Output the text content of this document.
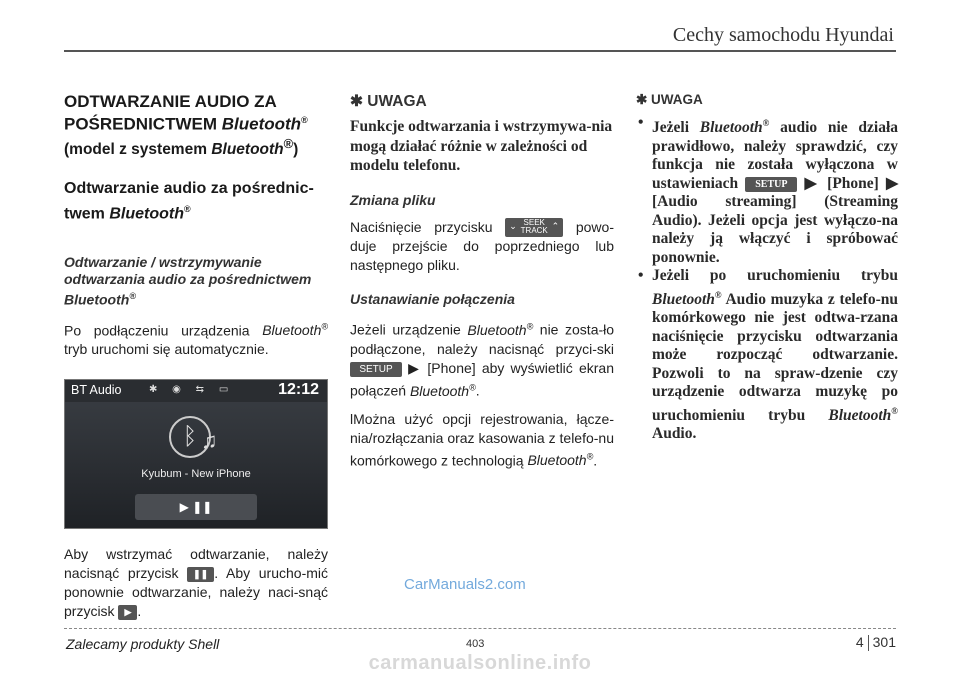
Cechy samochodu Hyundai
ODTWARZANIE AUDIO ZA POŚREDNICTWEM Bluetooth®
(model z systemem Bluetooth®)
Odtwarzanie audio za pośrednic-twem Bluetooth®
Odtwarzanie / wstrzymywanie odtwarzania audio za pośrednictwem Bluetooth®
Po podłączeniu urządzenia Bluetooth® tryb uruchomi się automatycznie.
BT Audio	✱ ◉ ⇆ ▭	12:12
ᛒ ♫
Kyubum - New iPhone
▶ ❚❚
Aby wstrzymać odtwarzanie, należy nacisnąć przycisk ❚❚ . Aby urucho-mić ponownie odtwarzanie, należy naci-snąć przycisk ▶ .
✱ UWAGA
Funkcje odtwarzania i wstrzymywa-nia mogą działać różnie w zależności od modelu telefonu.
Zmiana pliku
Naciśnięcie przycisku ⌄ SEEK
TRACK ⌃ powo-duje przejście do poprzedniego lub następnego pliku.
Ustanawianie połączenia
Jeżeli urządzenie Bluetooth® nie zosta-ło podłączone, należy nacisnąć przyci-ski SETUP ▶ [Phone] aby wyświetlić ekran połączeń Bluetooth®.
lMożna użyć opcji rejestrowania, łącze-nia/rozłączania oraz kasowania z telefo-nu komórkowego z technologią Bluetooth®.
✱ UWAGA
• Jeżeli Bluetooth® audio nie działa prawidłowo, należy sprawdzić, czy funkcja nie została wyłączona w ustawieniach SETUP ▶ [Phone] ▶ [Audio streaming] (Streaming Audio). Jeżeli opcja jest wyłączo-na należy ją włączyć i spróbować ponownie.
• Jeżeli po uruchomieniu trybu Bluetooth® Audio muzyka z telefo-nu komórkowego nie jest odtwa-rzana naciśnięcie przycisku odtwarzania może rozpocząć odtwarzanie. Pozwoli to na spraw-dzenie czy urządzenie odtwarza muzykę po uruchomieniu trybu Bluetooth® Audio.
CarManuals2.com
Zalecamy produkty Shell	403	4 301
carmanualsonline.info
